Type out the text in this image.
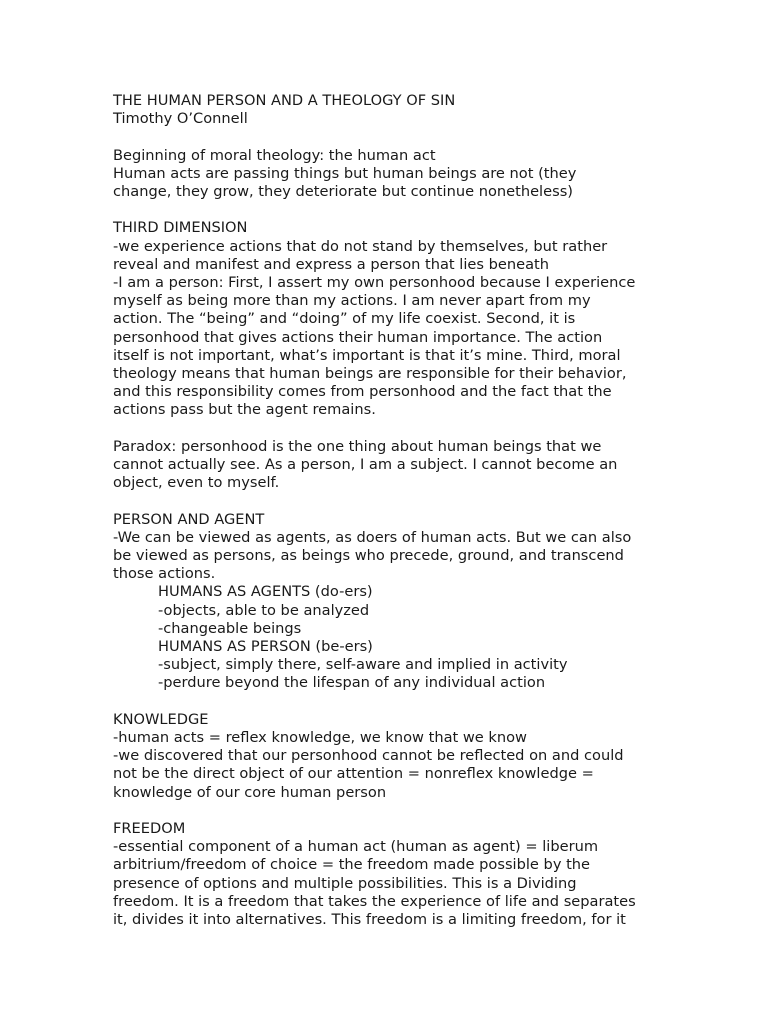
THE HUMAN PERSON AND A THEOLOGY OF SIN
Timothy O’Connell
Beginning of moral theology: the human act
Human acts are passing things but human beings are not (they
change, they grow, they deteriorate but continue nonetheless)
THIRD DIMENSION
-we experience actions that do not stand by themselves, but rather
reveal and manifest and express a person that lies beneath
-I am a person: First, I assert my own personhood because I experience
myself as being more than my actions. I am never apart from my
action. The “being” and “doing” of my life coexist. Second, it is
personhood that gives actions their human importance. The action
itself is not important, what’s important is that it’s mine. Third, moral
theology means that human beings are responsible for their behavior,
and this responsibility comes from personhood and the fact that the
actions pass but the agent remains.
Paradox: personhood is the one thing about human beings that we
cannot actually see. As a person, I am a subject. I cannot become an
object, even to myself.
PERSON AND AGENT
-We can be viewed as agents, as doers of human acts. But we can also
be viewed as persons, as beings who precede, ground, and transcend
those actions.
HUMANS AS AGENTS (do-ers)
-objects, able to be analyzed
-changeable beings
HUMANS AS PERSON (be-ers)
-subject, simply there, self-aware and implied in activity
-perdure beyond the lifespan of any individual action
KNOWLEDGE
-human acts = reflex knowledge, we know that we know
-we discovered that our personhood cannot be reflected on and could
not be the direct object of our attention = nonreflex knowledge =
knowledge of our core human person
FREEDOM
-essential component of a human act (human as agent) = liberum
arbitrium/freedom of choice = the freedom made possible by the
presence of options and multiple possibilities. This is a Dividing
freedom. It is a freedom that takes the experience of life and separates
it, divides it into alternatives. This freedom is a limiting freedom, for it
